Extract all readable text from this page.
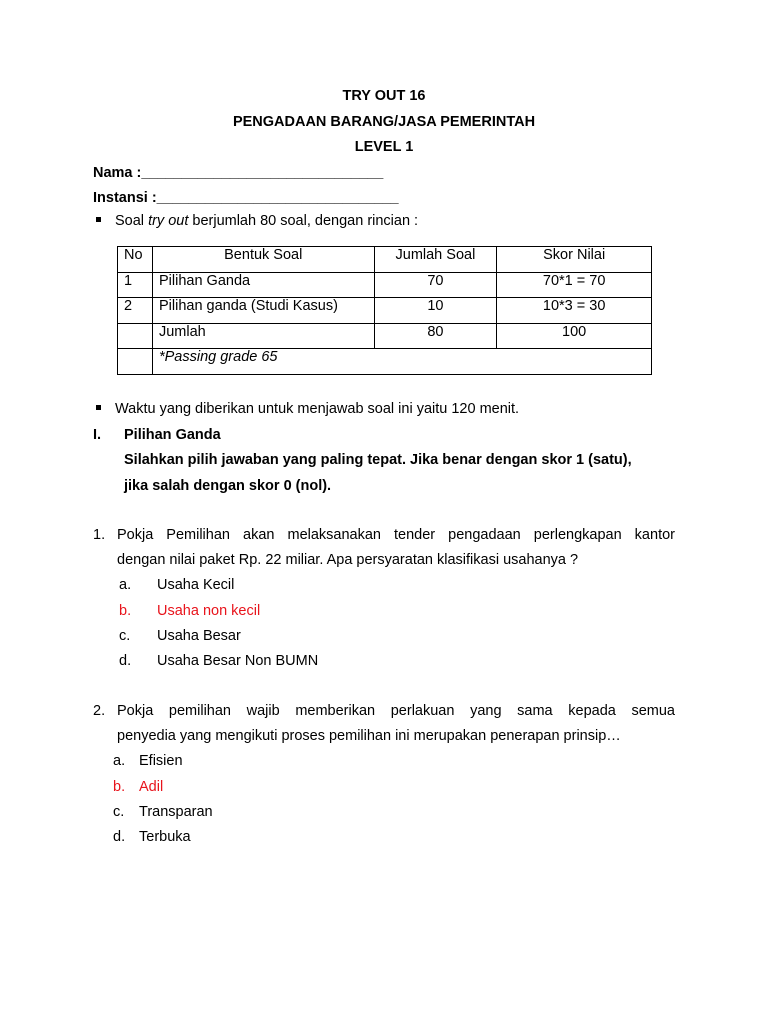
TRY OUT 16
PENGADAAN BARANG/JASA PEMERINTAH
LEVEL 1
Nama :______________________________
Instansi :______________________________
Soal try out berjumlah 80 soal, dengan rincian :
No	Bentuk Soal	Jumlah Soal	Skor Nilai
1	Pilihan Ganda	70	70*1 = 70
2	Pilihan ganda (Studi Kasus)	10	10*3 = 30
	Jumlah	80	100
	*Passing grade 65		
Waktu yang diberikan untuk menjawab soal ini yaitu 120 menit.
I. Pilihan Ganda
Silahkan pilih jawaban yang paling tepat. Jika benar dengan skor 1 (satu),
jika salah dengan skor 0 (nol).
1. Pokja Pemilihan akan melaksanakan tender pengadaan perlengkapan kantor
dengan nilai paket Rp. 22 miliar. Apa persyaratan klasifikasi usahanya ?
a. Usaha Kecil
b. Usaha non kecil
c. Usaha Besar
d. Usaha Besar Non BUMN
2. Pokja pemilihan wajib memberikan perlakuan yang sama kepada semua
penyedia yang mengikuti proses pemilihan ini merupakan penerapan prinsip…
a. Efisien
b. Adil
c. Transparan
d. Terbuka
